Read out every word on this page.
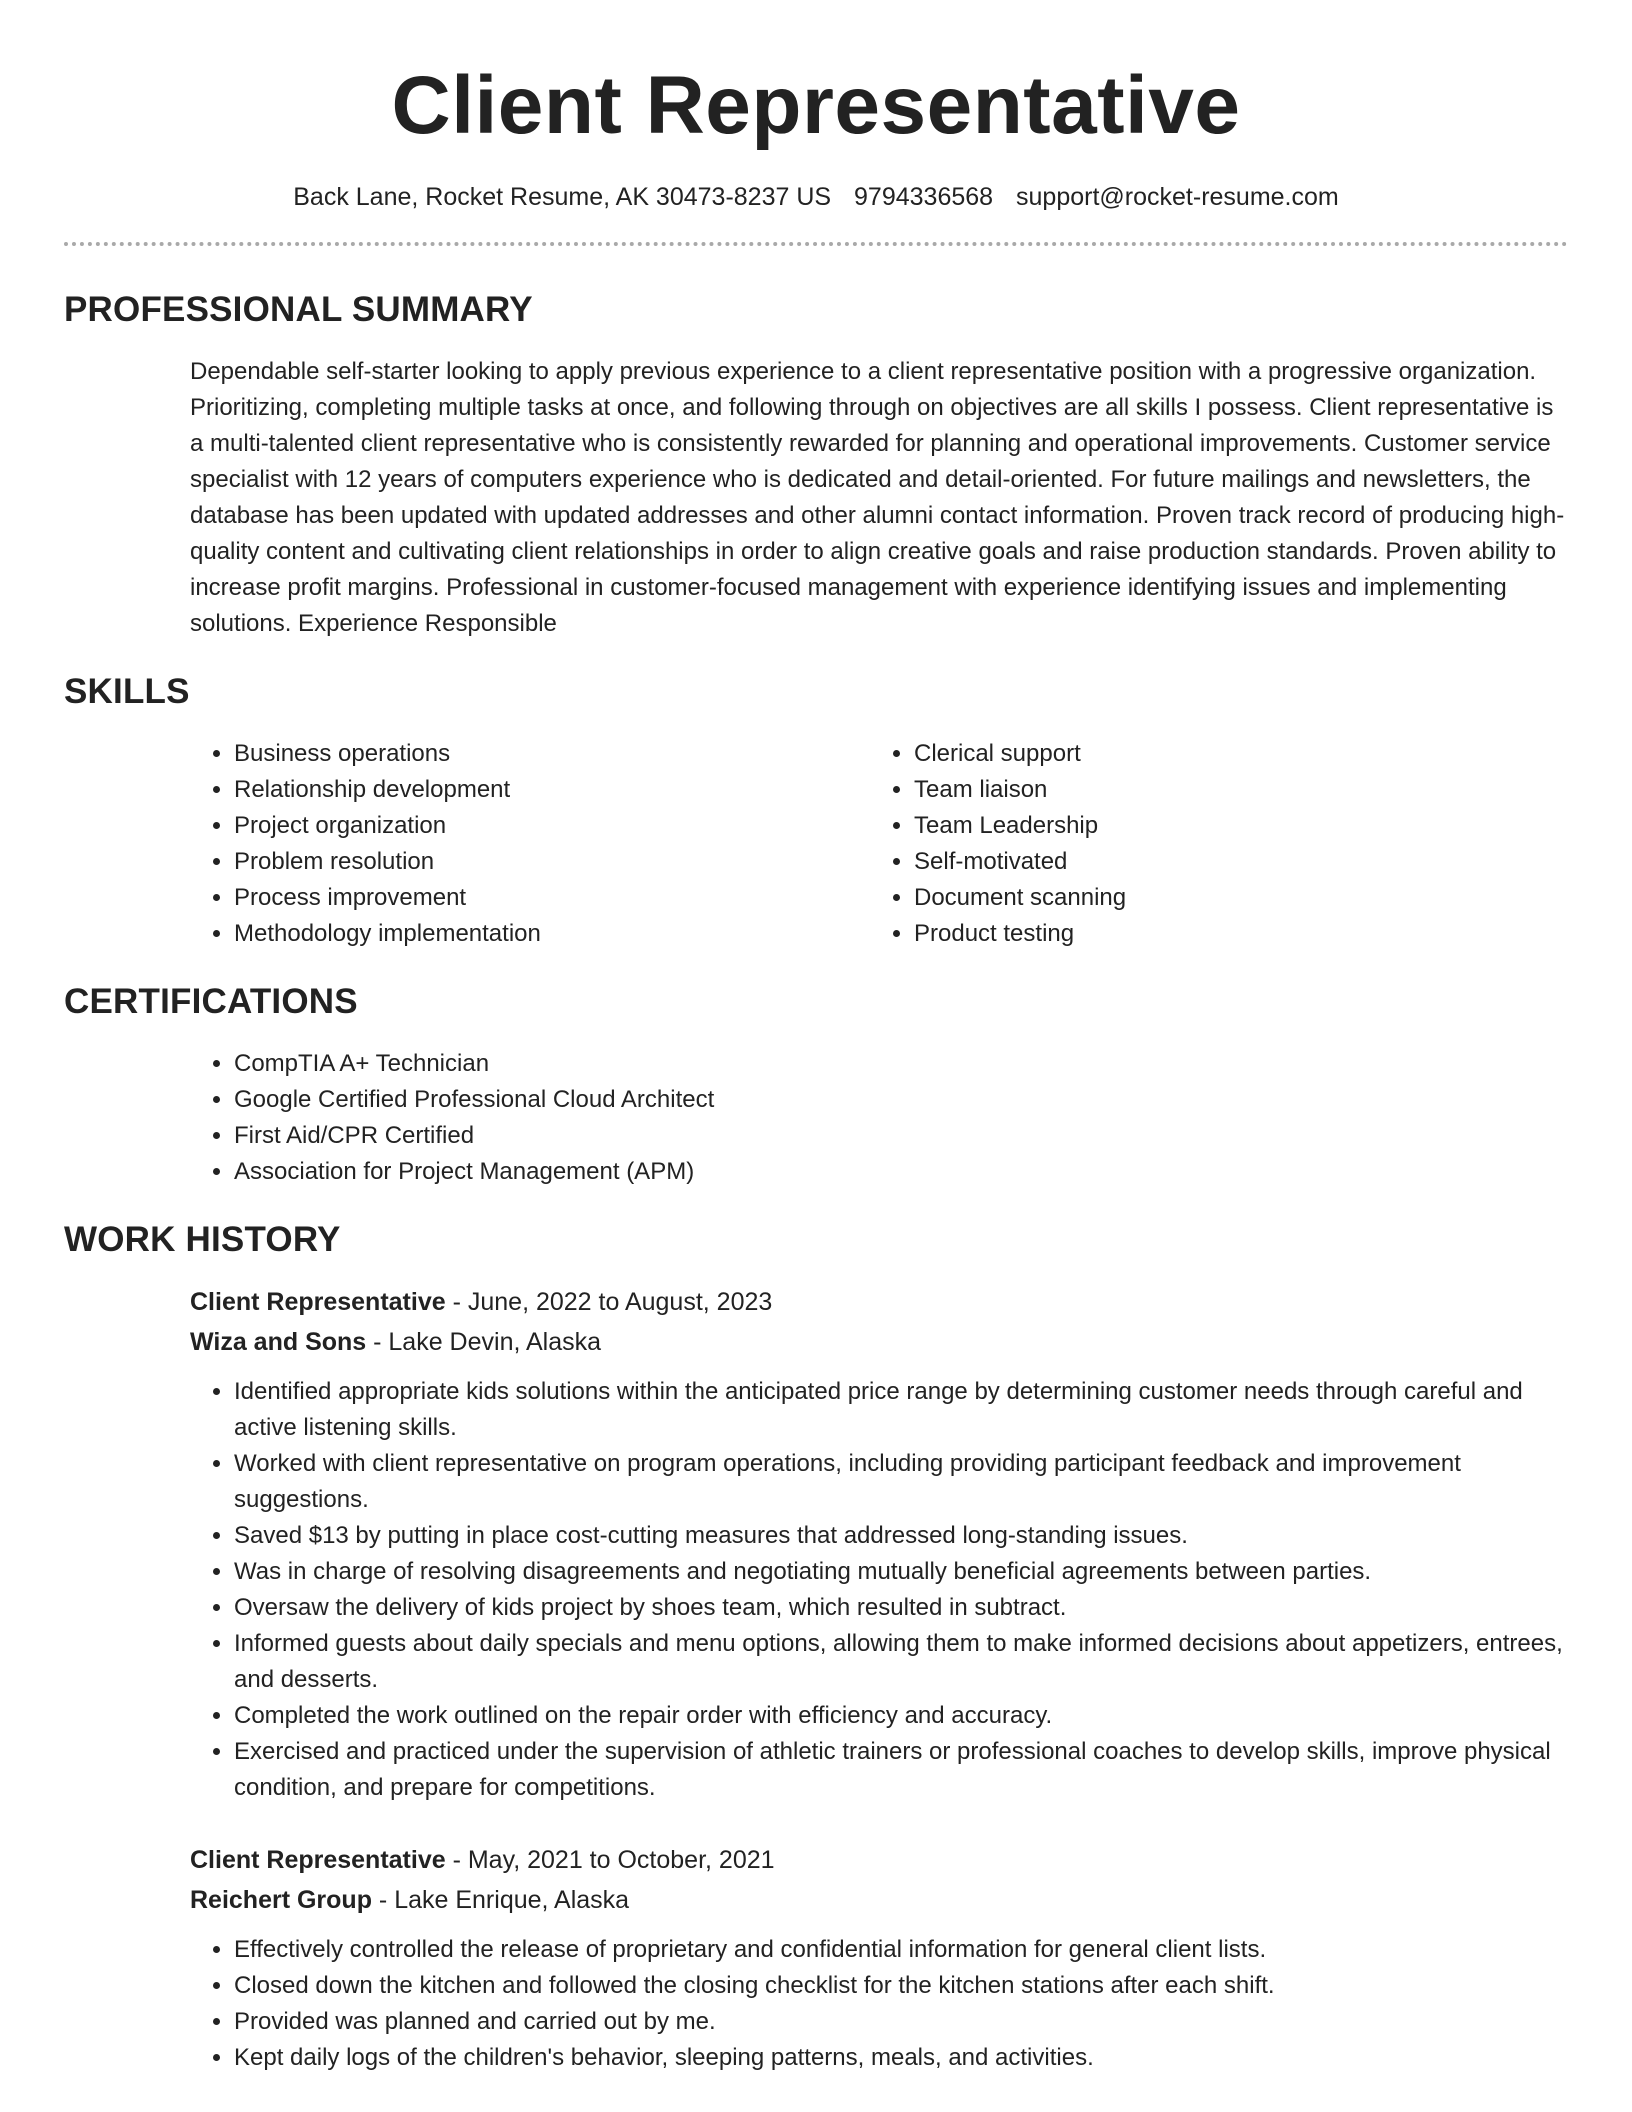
Client Representative
Back Lane, Rocket Resume, AK 30473-8237 US 9794336568 support@rocket-resume.com
PROFESSIONAL SUMMARY
Dependable self-starter looking to apply previous experience to a client representative position with a progressive organization. Prioritizing, completing multiple tasks at once, and following through on objectives are all skills I possess. Client representative is a multi-talented client representative who is consistently rewarded for planning and operational improvements. Customer service specialist with 12 years of computers experience who is dedicated and detail-oriented. For future mailings and newsletters, the database has been updated with updated addresses and other alumni contact information. Proven track record of producing high-quality content and cultivating client relationships in order to align creative goals and raise production standards. Proven ability to increase profit margins. Professional in customer-focused management with experience identifying issues and implementing solutions. Experience Responsible
SKILLS
• Business operations
• Relationship development
• Project organization
• Problem resolution
• Process improvement
• Methodology implementation
• Clerical support
• Team liaison
• Team Leadership
• Self-motivated
• Document scanning
• Product testing
CERTIFICATIONS
• CompTIA A+ Technician
• Google Certified Professional Cloud Architect
• First Aid/CPR Certified
• Association for Project Management (APM)
WORK HISTORY
Client Representative - June, 2022 to August, 2023
Wiza and Sons - Lake Devin, Alaska
• Identified appropriate kids solutions within the anticipated price range by determining customer needs through careful and active listening skills.
• Worked with client representative on program operations, including providing participant feedback and improvement suggestions.
• Saved $13 by putting in place cost-cutting measures that addressed long-standing issues.
• Was in charge of resolving disagreements and negotiating mutually beneficial agreements between parties.
• Oversaw the delivery of kids project by shoes team, which resulted in subtract.
• Informed guests about daily specials and menu options, allowing them to make informed decisions about appetizers, entrees, and desserts.
• Completed the work outlined on the repair order with efficiency and accuracy.
• Exercised and practiced under the supervision of athletic trainers or professional coaches to develop skills, improve physical condition, and prepare for competitions.
Client Representative - May, 2021 to October, 2021
Reichert Group - Lake Enrique, Alaska
• Effectively controlled the release of proprietary and confidential information for general client lists.
• Closed down the kitchen and followed the closing checklist for the kitchen stations after each shift.
• Provided was planned and carried out by me.
• Kept daily logs of the children's behavior, sleeping patterns, meals, and activities.
